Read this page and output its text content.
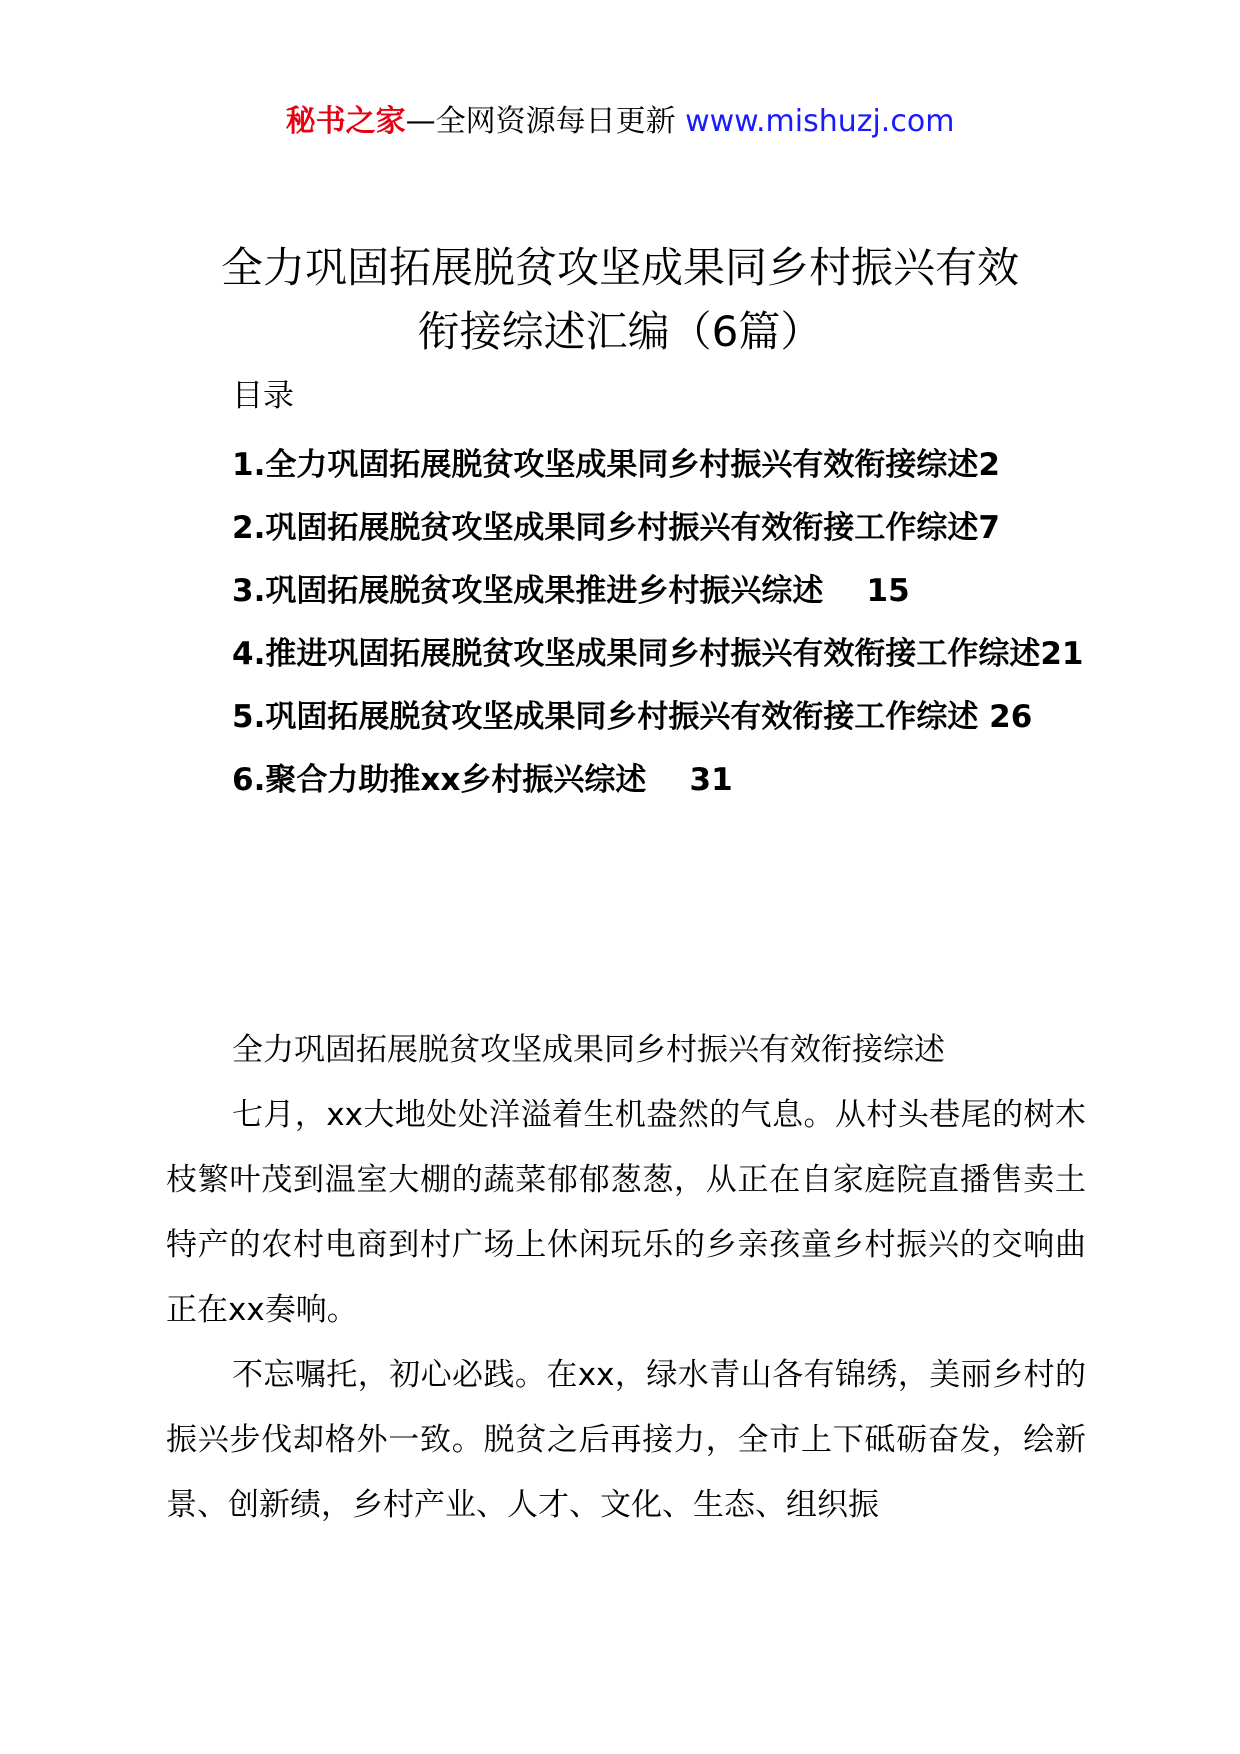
秘书之家—全网资源每日更新 www.mishuzj.com
全力巩固拓展脱贫攻坚成果同乡村振兴有效
衔接综述汇编（6篇）
目录
1.全力巩固拓展脱贫攻坚成果同乡村振兴有效衔接综述2
2.巩固拓展脱贫攻坚成果同乡村振兴有效衔接工作综述7
3.巩固拓展脱贫攻坚成果推进乡村振兴综述    15
4.推进巩固拓展脱贫攻坚成果同乡村振兴有效衔接工作综述21
5.巩固拓展脱贫攻坚成果同乡村振兴有效衔接工作综述 26
6.聚合力助推xx乡村振兴综述    31

全力巩固拓展脱贫攻坚成果同乡村振兴有效衔接综述

七月，xx大地处处洋溢着生机盎然的气息。从村头巷尾的树木枝繁叶茂到温室大棚的蔬菜郁郁葱葱，从正在自家庭院直播售卖土特产的农村电商到村广场上休闲玩乐的乡亲孩童乡村振兴的交响曲正在xx奏响。

不忘嘱托，初心必践。在xx，绿水青山各有锦绣，美丽乡村的振兴步伐却格外一致。脱贫之后再接力，全市上下砥砺奋发，绘新景、创新绩，乡村产业、人才、文化、生态、组织振
